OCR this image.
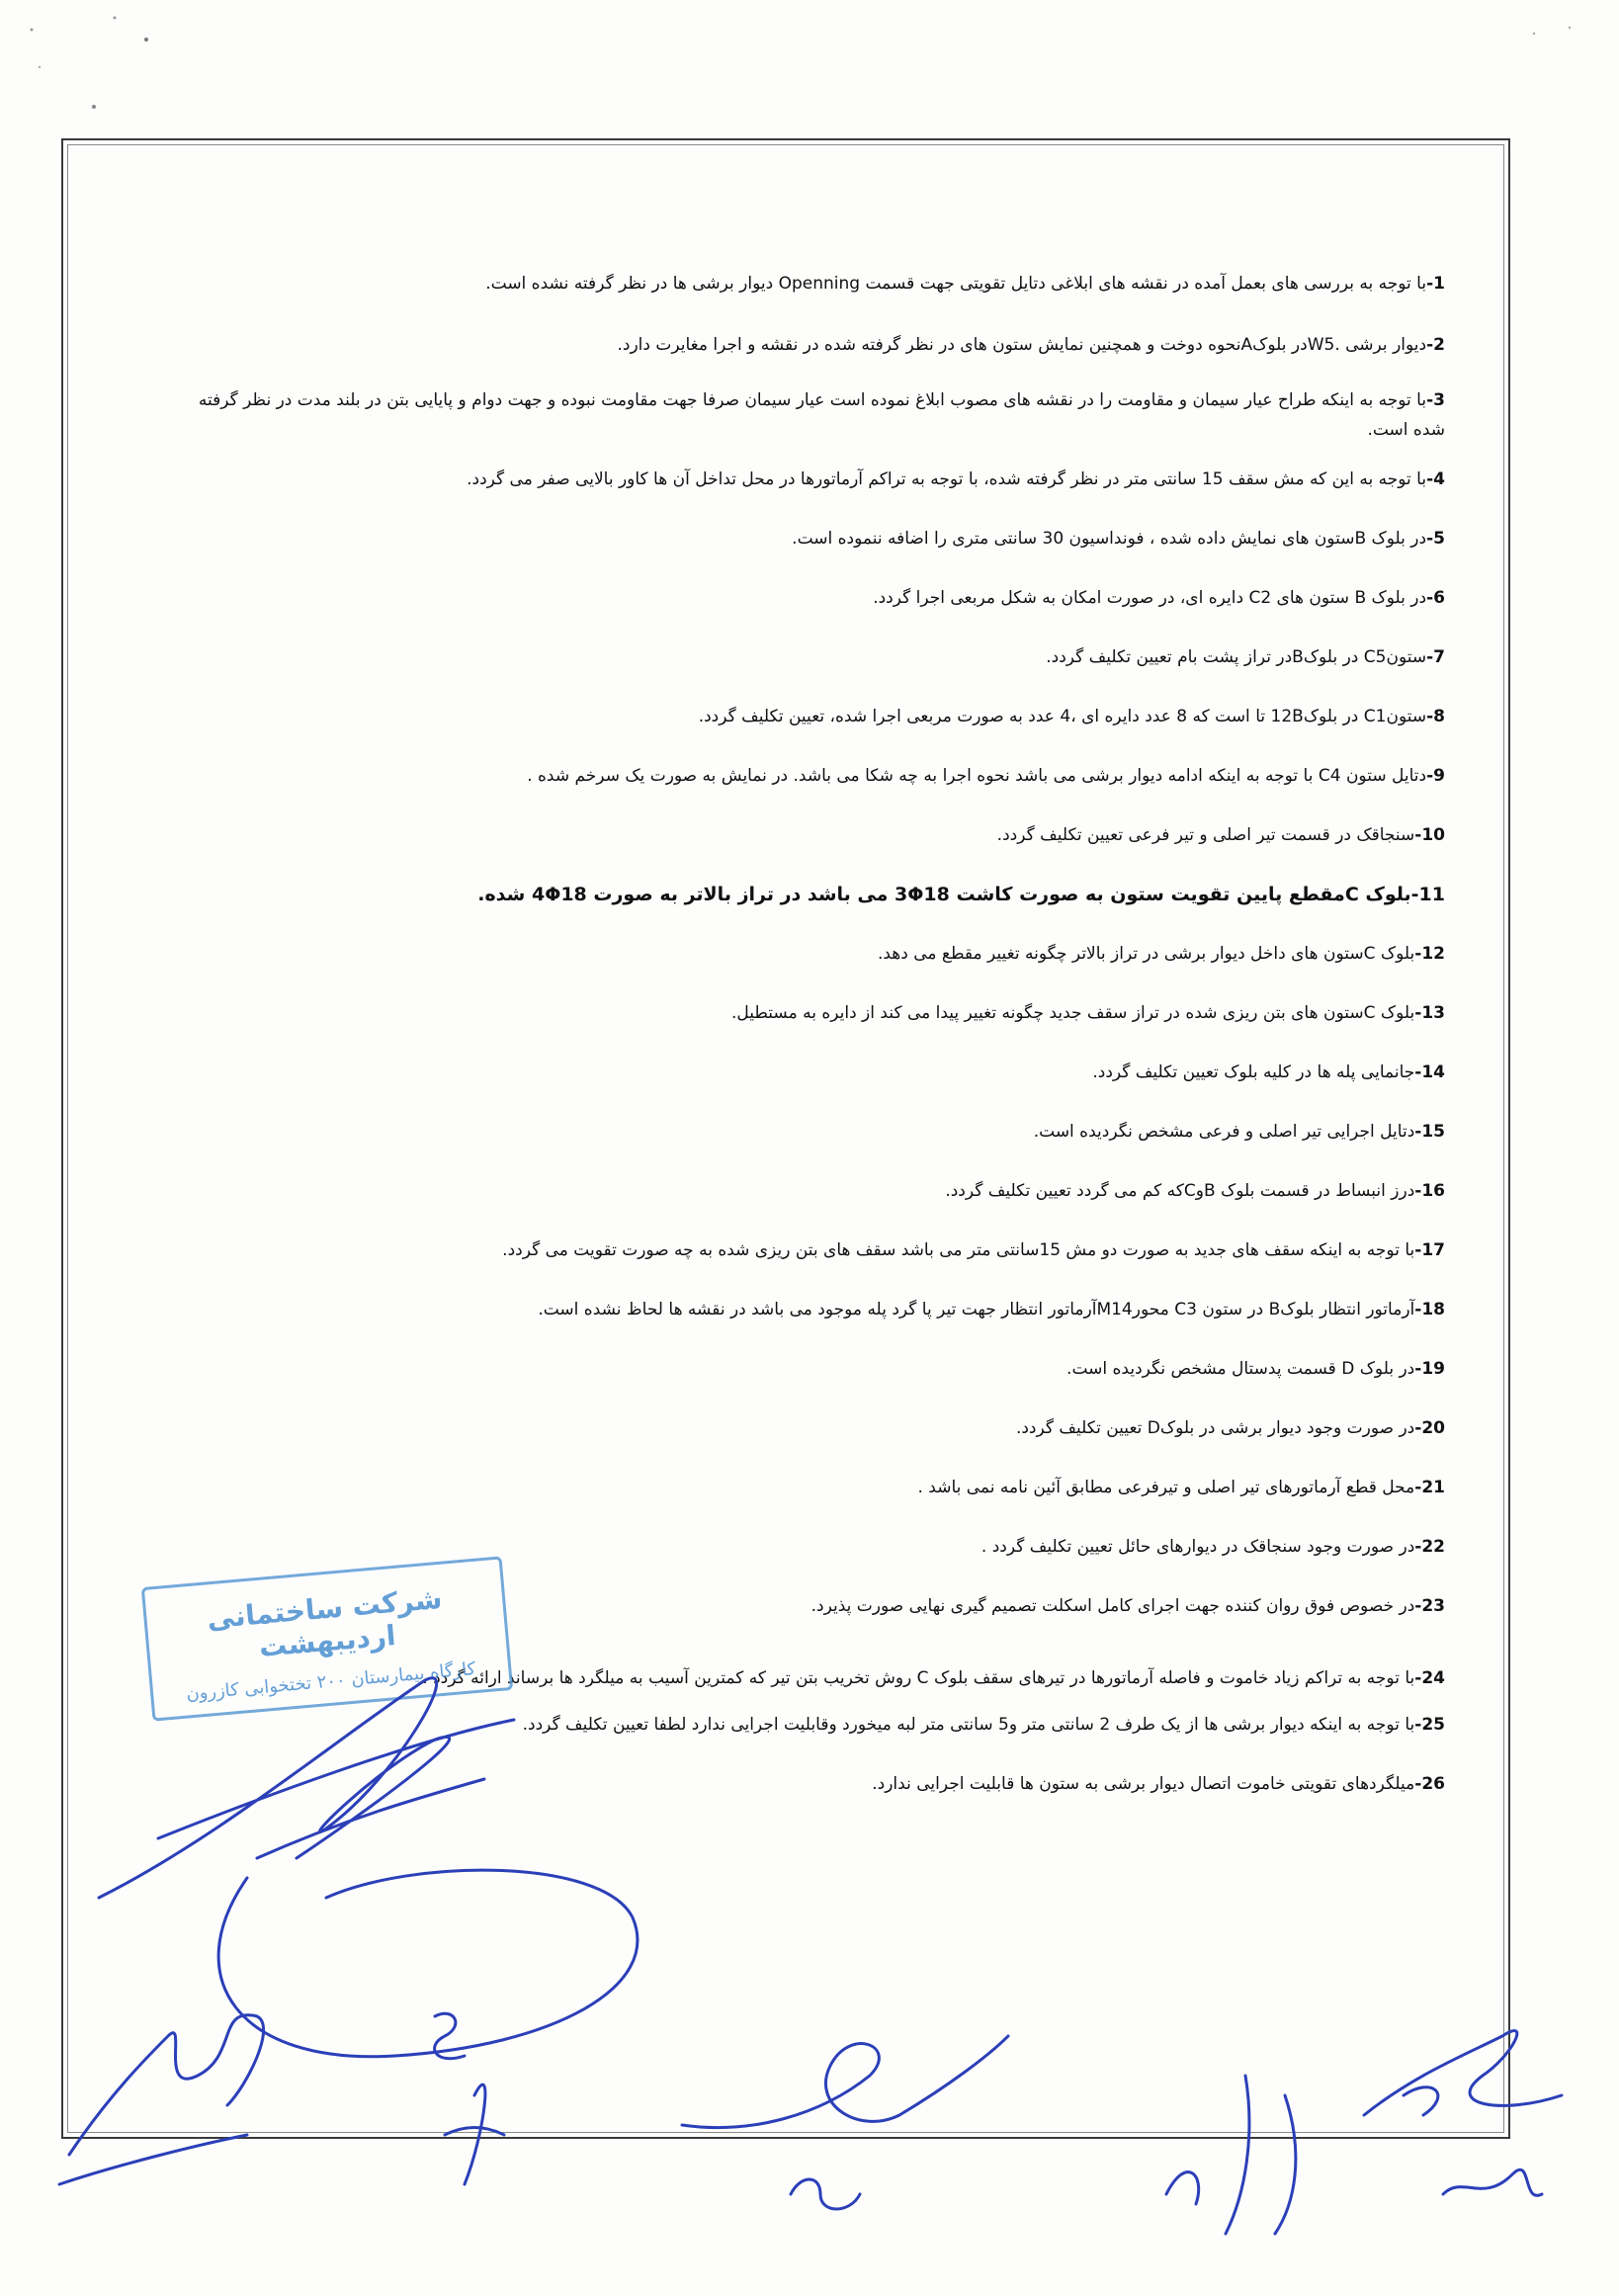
1-با توجه به بررسی های بعمل آمده در نقشه های ابلاغی دتایل تقویتی جهت قسمت Openning دیوار برشی ها در نظر گرفته نشده است.

2-دیوار برشی .W5در بلوکAنحوه دوخت و همچنین نمایش ستون های در نظر گرفته شده در نقشه و اجرا مغایرت دارد.

3-با توجه به اینکه طراح عیار سیمان و مقاومت را در نقشه های مصوب ابلاغ نموده است عیار سیمان صرفا جهت مقاومت نبوده و جهت دوام و پایایی بتن در بلند مدت در نظر گرفته شده است.

4-با توجه به این که مش سقف 15 سانتی متر در نظر گرفته شده، با توجه به تراکم آرماتورها در محل تداخل آن ها کاور بالایی صفر می گردد.

5-در بلوک Bستون های نمایش داده شده ، فونداسیون 30 سانتی متری را اضافه ننموده است.

6-در بلوک B ستون های C2 دایره ای، در صورت امکان به شکل مربعی اجرا گردد.

7-ستونC5 در بلوکBدر تراز پشت بام تعیین تکلیف گردد.

8-ستونC1 در بلوک12B تا است که 8 عدد دایره ای ،4 عدد به صورت مربعی اجرا شده، تعیین تکلیف گردد.

9-دتایل ستون C4 با توجه به اینکه ادامه دیوار برشی می باشد نحوه اجرا به چه شکا می باشد. در نمایش به صورت یک سرخم شده .

10-سنجاقک در قسمت تیر اصلی و تیر فرعی تعیین تکلیف گردد.

11-بلوک Cمقطع پایین تقویت ستون به صورت کاشت 3Φ18 می باشد در تراز بالاتر به صورت 4Φ18 شده.

12-بلوک Cستون های داخل دیوار برشی در تراز بالاتر چگونه تغییر مقطع می دهد.

13-بلوک Cستون های بتن ریزی شده در تراز سقف جدید چگونه تغییر پیدا می کند از دایره به مستطیل.

14-جانمایی پله ها در کلیه بلوک تعیین تکلیف گردد.

15-دتایل اجرایی تیر اصلی و فرعی مشخص نگردیده است.

16-درز انبساط در قسمت بلوک BوCکه کم می گردد تعیین تکلیف گردد.

17-با توجه به اینکه سقف های جدید به صورت دو مش 15سانتی متر می باشد سقف های بتن ریزی شده به چه صورت تقویت می گردد.

18-آرماتور انتظار بلوکB در ستون C3 محورM14آرماتور انتظار جهت تیر پا گرد پله موجود می باشد در نقشه ها لحاظ نشده است.

19-در بلوک D قسمت پدستال مشخص نگردیده است.

20-در صورت وجود دیوار برشی در بلوکD تعیین تکلیف گردد.

21-محل قطع آرماتورهای تیر اصلی و تیرفرعی مطابق آئین نامه نمی باشد .

22-در صورت وجود سنجاقک در دیوارهای حائل تعیین تکلیف گردد .

23-در خصوص فوق روان کننده جهت اجرای کامل اسکلت تصمیم گیری نهایی صورت پذیرد.

24-با توجه به تراکم زیاد خاموت و فاصله آرماتورها در تیرهای سقف بلوک C روش تخریب بتن تیر که کمترین آسیب به میلگرد ها برساند ارائه گردد .

25-با توجه به اینکه دیوار برشی ها از یک طرف 2 سانتی متر و5 سانتی متر لبه میخورد وقابلیت اجرایی ندارد لطفا تعیین تکلیف گردد.

26-میلگردهای تقویتی خاموت اتصال دیوار برشی به ستون ها قابلیت اجرایی ندارد.

شرکت ساختمانی اردیبهشت
کارگاه بیمارستان ۲۰۰ تختخوابی کازرون
